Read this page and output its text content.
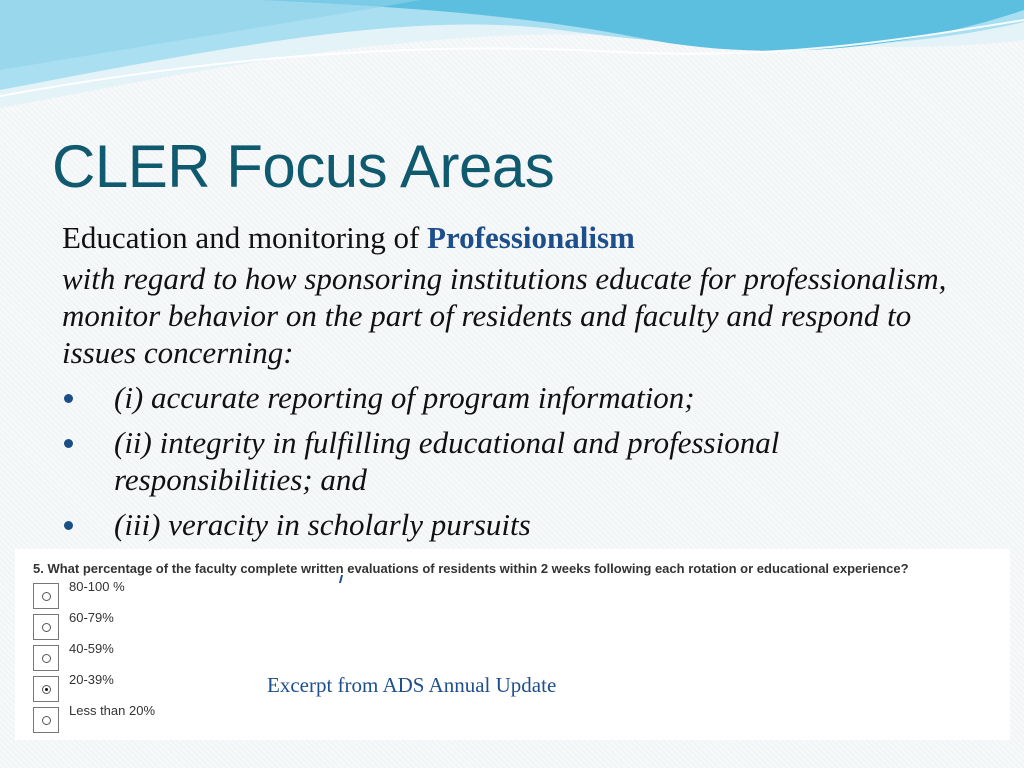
CLER Focus Areas

Education and monitoring of Professionalism

with regard to how sponsoring institutions educate for professionalism, monitor behavior on the part of residents and faculty and respond to issues concerning:

(i) accurate reporting of program information;
(ii) integrity in fulfilling educational and professional responsibilities; and
(iii) veracity in scholarly pursuits
5. What percentage of the faculty complete written evaluations of residents within 2 weeks following each rotation or educational experience?
80-100 %
60-79%
40-59%
20-39%
Less than 20%
Excerpt from ADS Annual Update
